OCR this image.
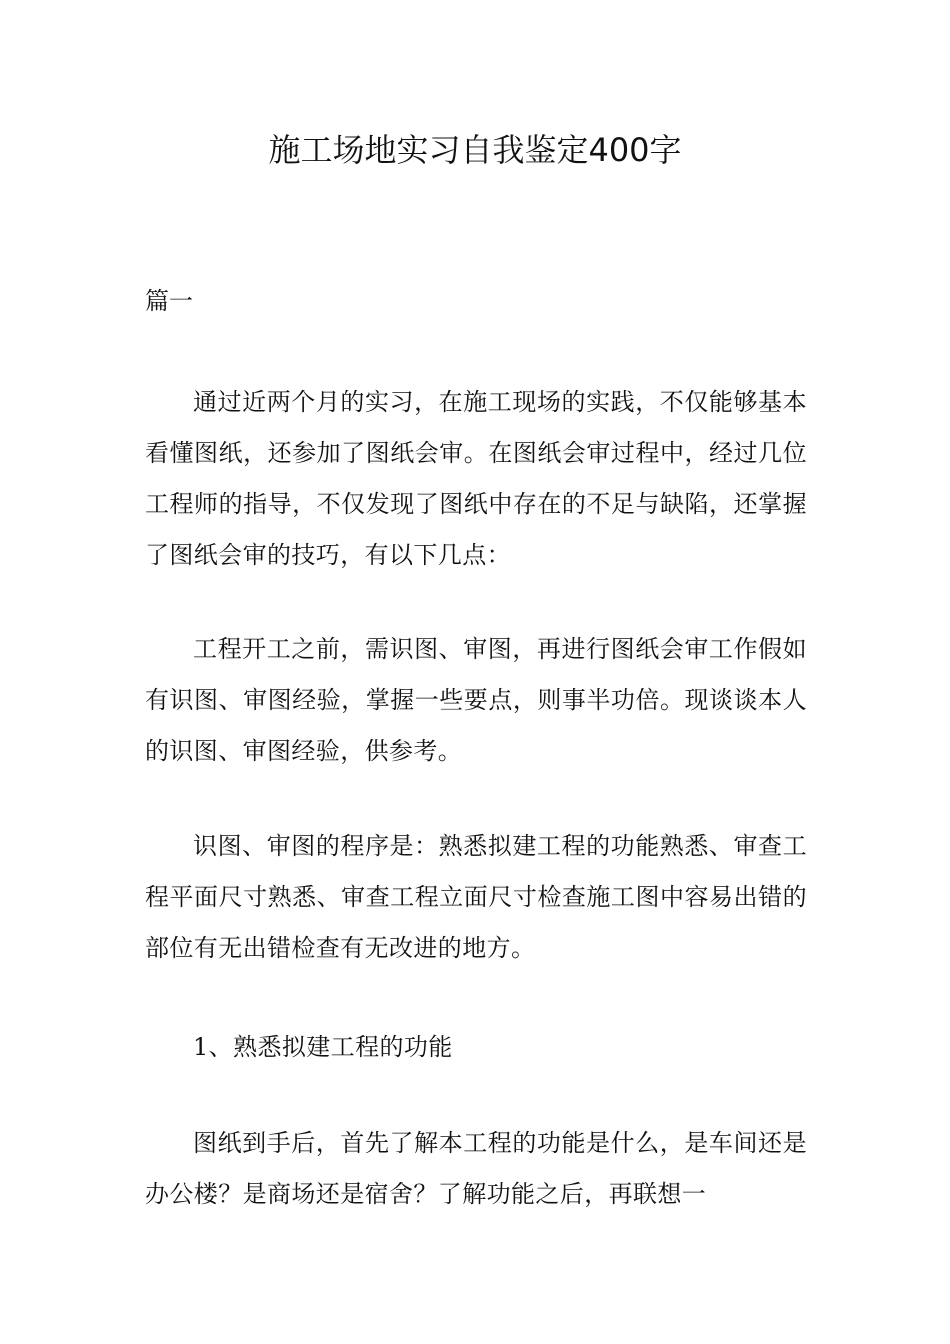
施工场地实习自我鉴定400字

篇一

通过近两个月的实习，在施工现场的实践，不仅能够基本看懂图纸，还参加了图纸会审。在图纸会审过程中，经过几位工程师的指导，不仅发现了图纸中存在的不足与缺陷，还掌握了图纸会审的技巧，有以下几点：

工程开工之前，需识图、审图，再进行图纸会审工作假如有识图、审图经验，掌握一些要点，则事半功倍。现谈谈本人的识图、审图经验，供参考。

识图、审图的程序是：熟悉拟建工程的功能熟悉、审查工程平面尺寸熟悉、审查工程立面尺寸检查施工图中容易出错的部位有无出错检查有无改进的地方。

1、熟悉拟建工程的功能

图纸到手后，首先了解本工程的功能是什么，是车间还是办公楼？是商场还是宿舍？了解功能之后，再联想一
